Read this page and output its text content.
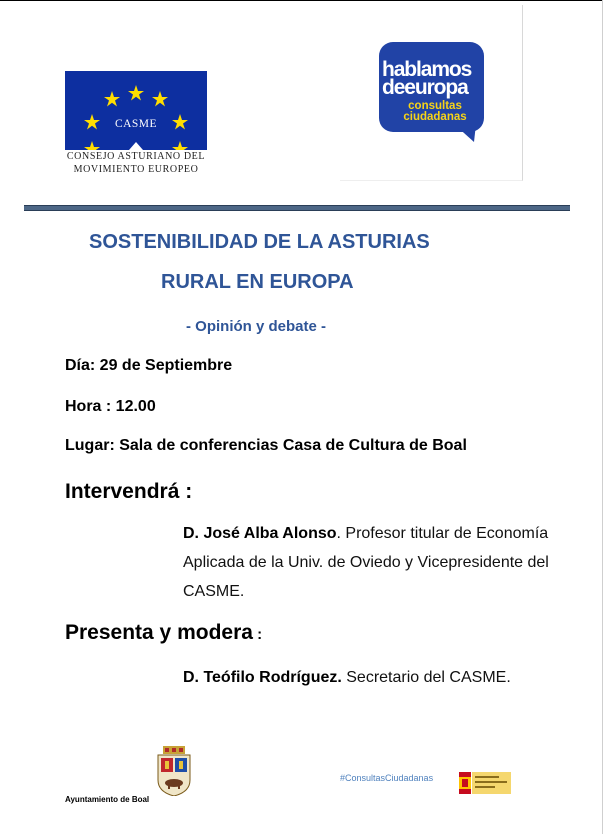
CASME
CONSEJO ASTURIANO DEL
MOVIMIENTO EUROPEO
hablamos
deeuropa
consultas
ciudadanas
SOSTENIBILIDAD DE LA ASTURIAS
RURAL EN EUROPA
- Opinión y debate -
Día: 29 de Septiembre
Hora : 12.00
Lugar: Sala de conferencias Casa de Cultura de Boal
Intervendrá :
D. José Alba Alonso. Profesor titular de Economía Aplicada de la Univ. de Oviedo y Vicepresidente del CASME.
Presenta y modera :
D. Teófilo Rodríguez. Secretario del CASME.
Ayuntamiento de Boal
#ConsultasCiudadanas
